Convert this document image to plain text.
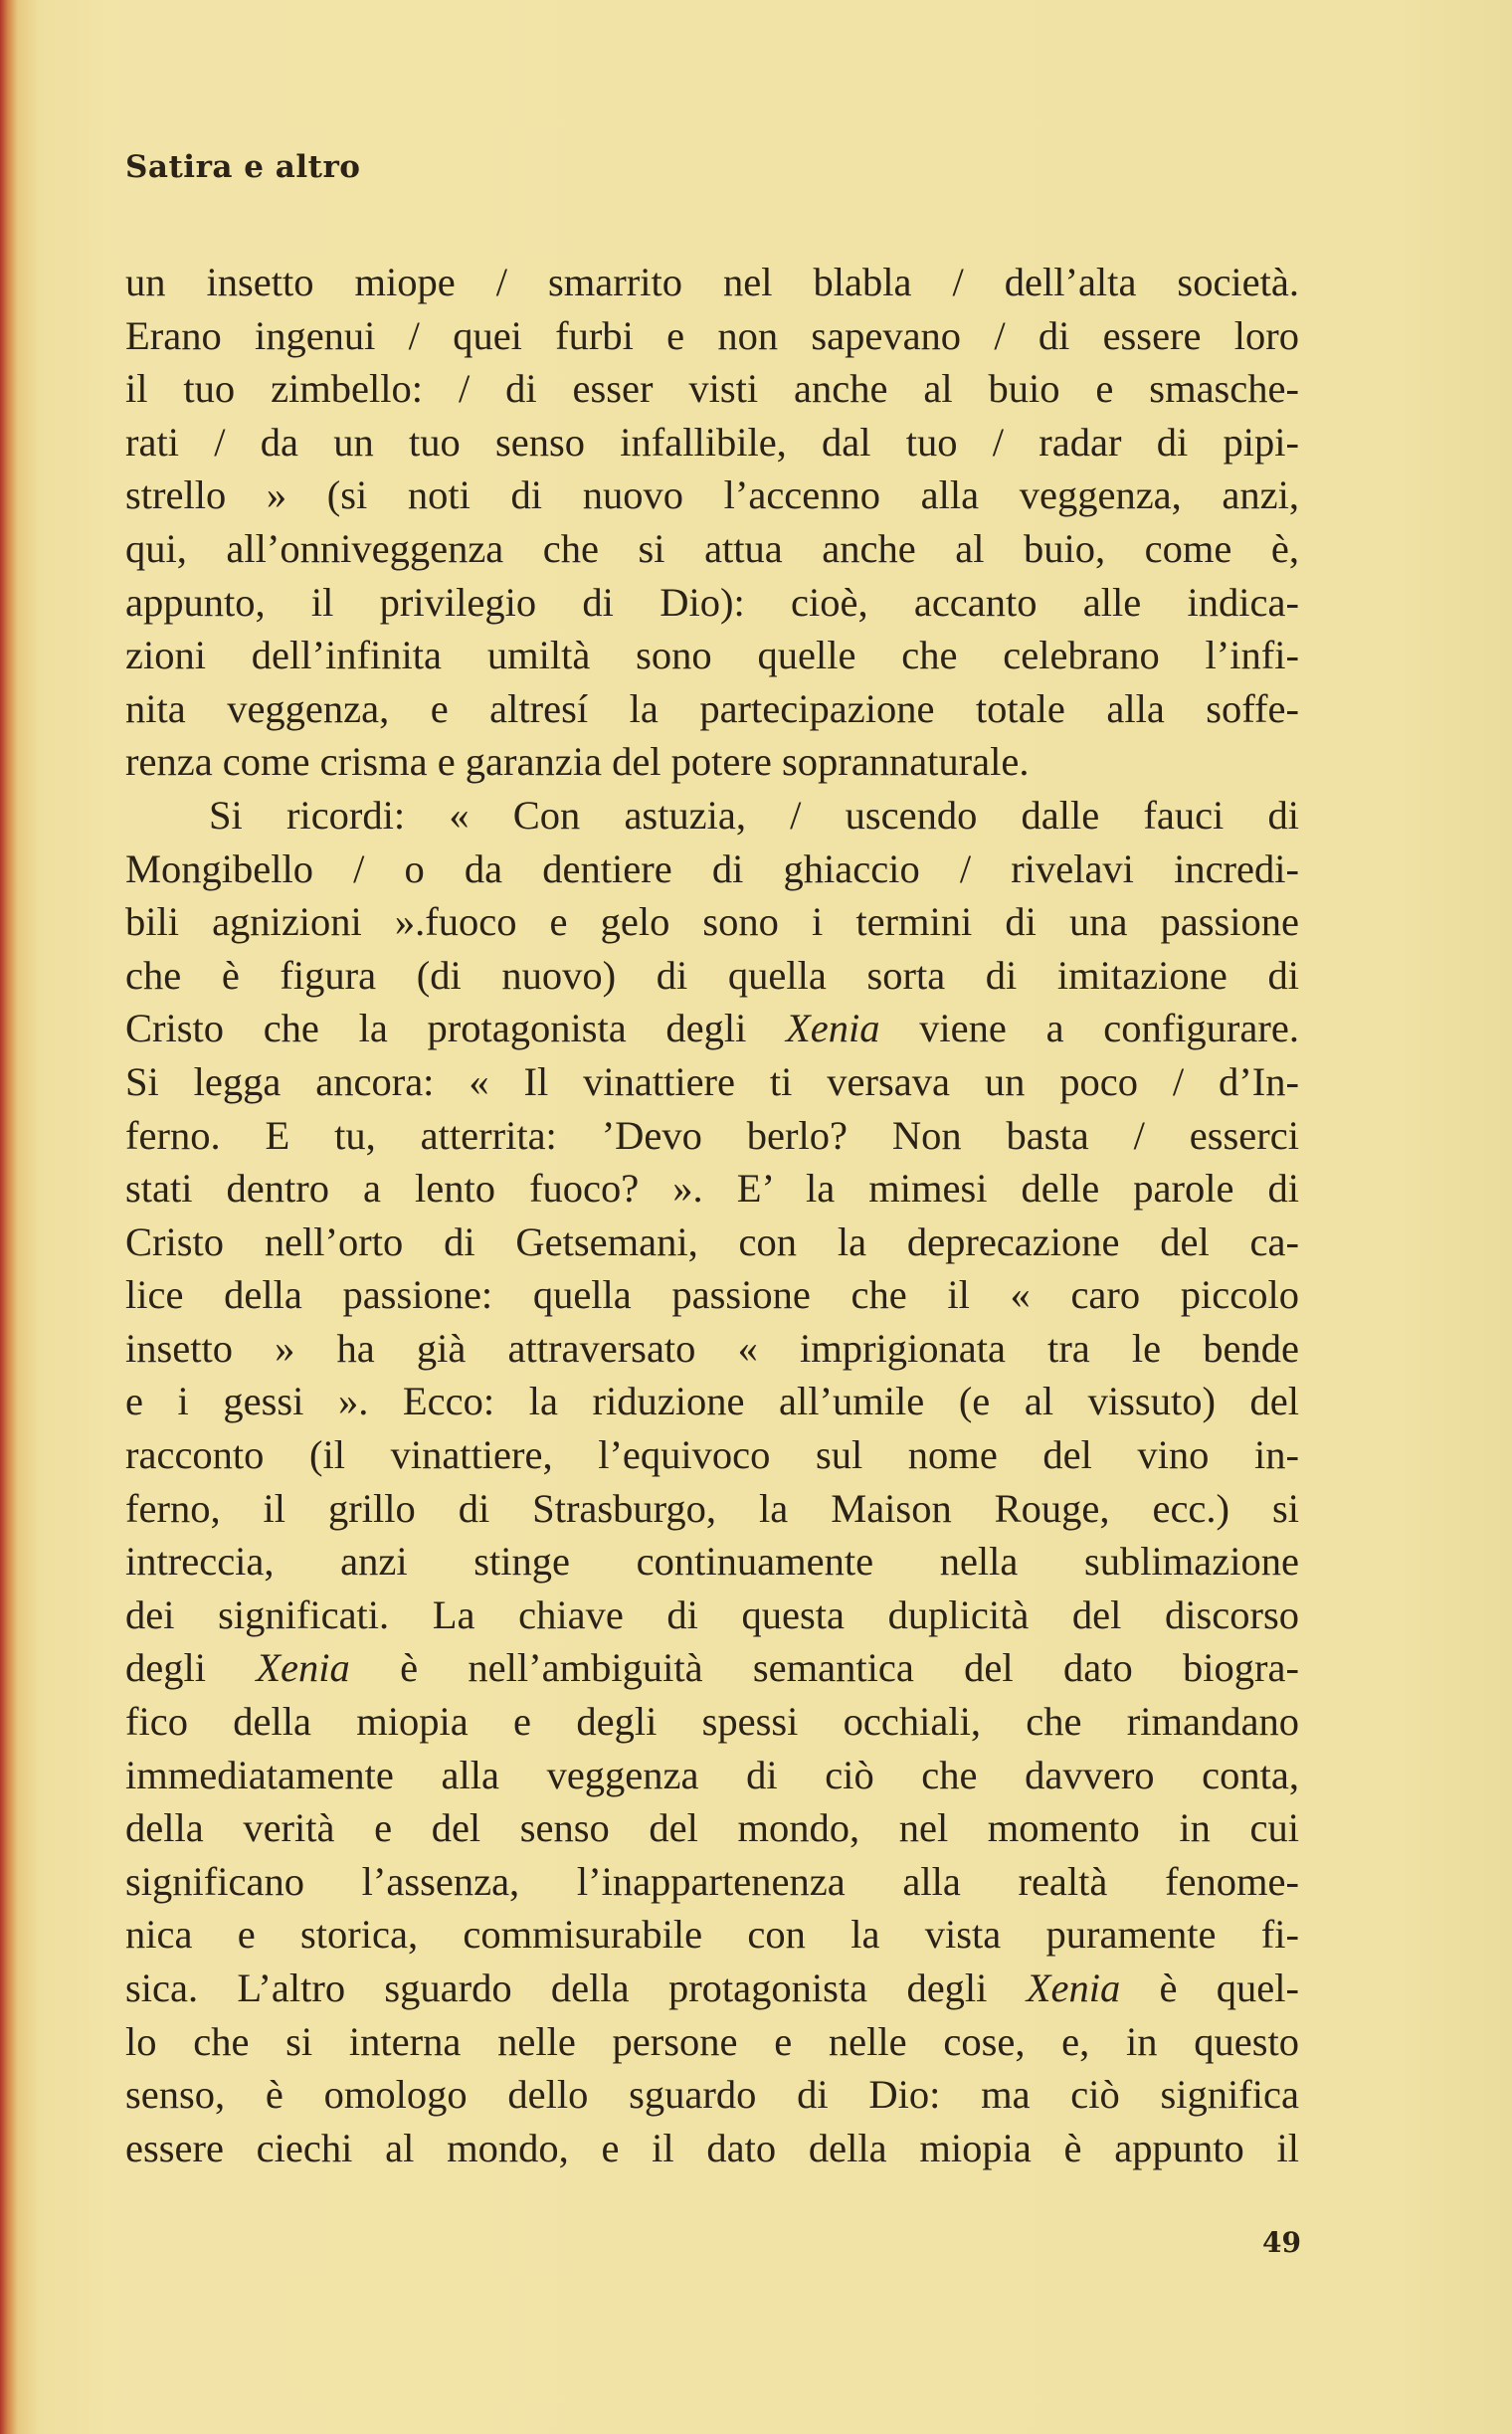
Satira e altro
un insetto miope / smarrito nel blabla / dell’alta società.
Erano ingenui / quei furbi e non sapevano / di essere loro
il tuo zimbello: / di esser visti anche al buio e smasche-
rati / da un tuo senso infallibile, dal tuo / radar di pipi-
strello » (si noti di nuovo l’accenno alla veggenza, anzi,
qui, all’onniveggenza che si attua anche al buio, come è,
appunto, il privilegio di Dio): cioè, accanto alle indica-
zioni dell’infinita umiltà sono quelle che celebrano l’infi-
nita veggenza, e altresí la partecipazione totale alla soffe-
renza come crisma e garanzia del potere soprannaturale.
Si ricordi: « Con astuzia, / uscendo dalle fauci di
Mongibello / o da dentiere di ghiaccio / rivelavi incredi-
bili agnizioni ».fuoco e gelo sono i termini di una passione
che è figura (di nuovo) di quella sorta di imitazione di
Cristo che la protagonista degli Xenia viene a configurare.
Si legga ancora: « Il vinattiere ti versava un poco / d’In-
ferno. E tu, atterrita: ’Devo berlo? Non basta / esserci
stati dentro a lento fuoco? ». E’ la mimesi delle parole di
Cristo nell’orto di Getsemani, con la deprecazione del ca-
lice della passione: quella passione che il « caro piccolo
insetto » ha già attraversato « imprigionata tra le bende
e i gessi ». Ecco: la riduzione all’umile (e al vissuto) del
racconto (il vinattiere, l’equivoco sul nome del vino in-
ferno, il grillo di Strasburgo, la Maison Rouge, ecc.) si
intreccia, anzi stinge continuamente nella sublimazione
dei significati. La chiave di questa duplicità del discorso
degli Xenia è nell’ambiguità semantica del dato biogra-
fico della miopia e degli spessi occhiali, che rimandano
immediatamente alla veggenza di ciò che davvero conta,
della verità e del senso del mondo, nel momento in cui
significano l’assenza, l’inappartenenza alla realtà fenome-
nica e storica, commisurabile con la vista puramente fi-
sica. L’altro sguardo della protagonista degli Xenia è quel-
lo che si interna nelle persone e nelle cose, e, in questo
senso, è omologo dello sguardo di Dio: ma ciò significa
essere ciechi al mondo, e il dato della miopia è appunto il
49
